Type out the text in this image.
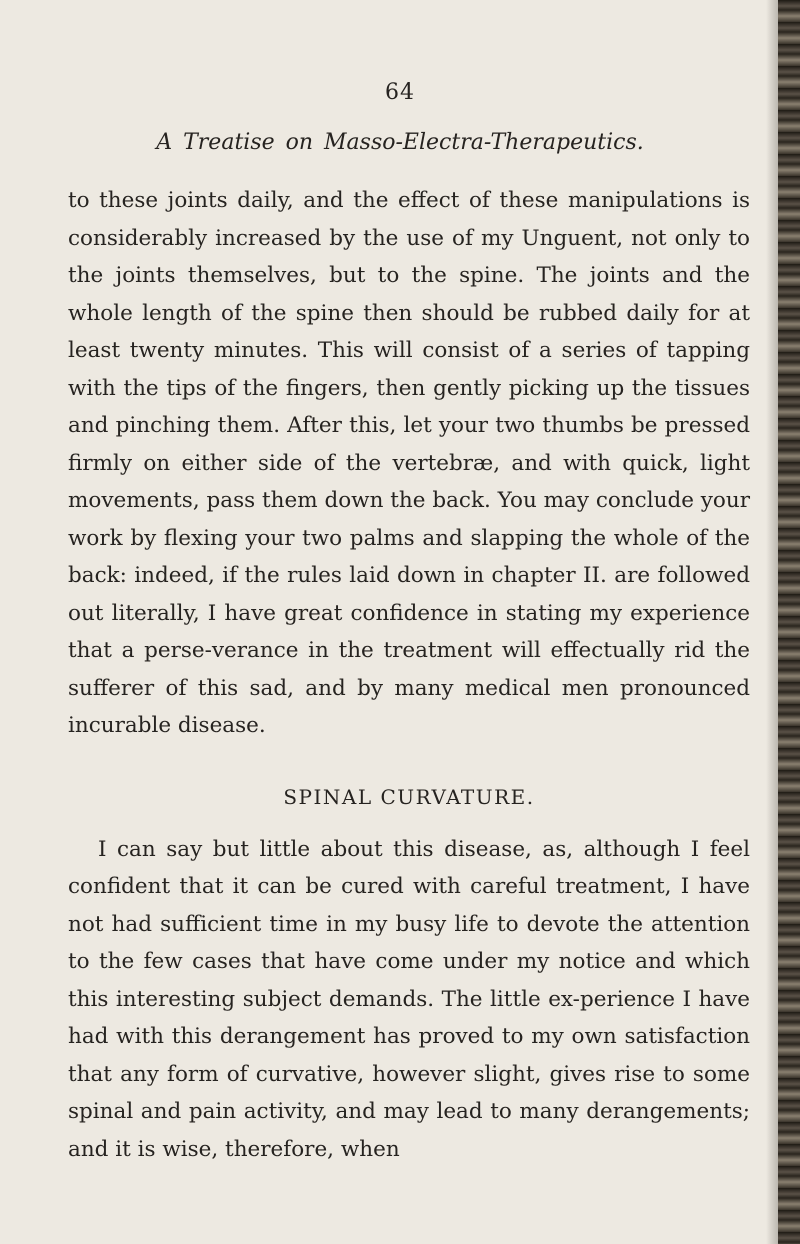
64
A Treatise on Masso-Electra-Therapeutics.

to these joints daily, and the effect of these manipulations is considerably increased by the use of my Unguent, not only to the joints themselves, but to the spine. The joints and the whole length of the spine then should be rubbed daily for at least twenty minutes. This will consist of a series of tapping with the tips of the fingers, then gently picking up the tissues and pinching them. After this, let your two thumbs be pressed firmly on either side of the vertebræ, and with quick, light movements, pass them down the back. You may conclude your work by flexing your two palms and slapping the whole of the back: indeed, if the rules laid down in chapter II. are followed out literally, I have great confidence in stating my experience that a perse-verance in the treatment will effectually rid the sufferer of this sad, and by many medical men pronounced incurable disease.

SPINAL CURVATURE.

I can say but little about this disease, as, although I feel confident that it can be cured with careful treatment, I have not had sufficient time in my busy life to devote the attention to the few cases that have come under my notice and which this interesting subject demands. The little ex-perience I have had with this derangement has proved to my own satisfaction that any form of curvative, however slight, gives rise to some spinal and pain activity, and may lead to many derangements; and it is wise, therefore, when
